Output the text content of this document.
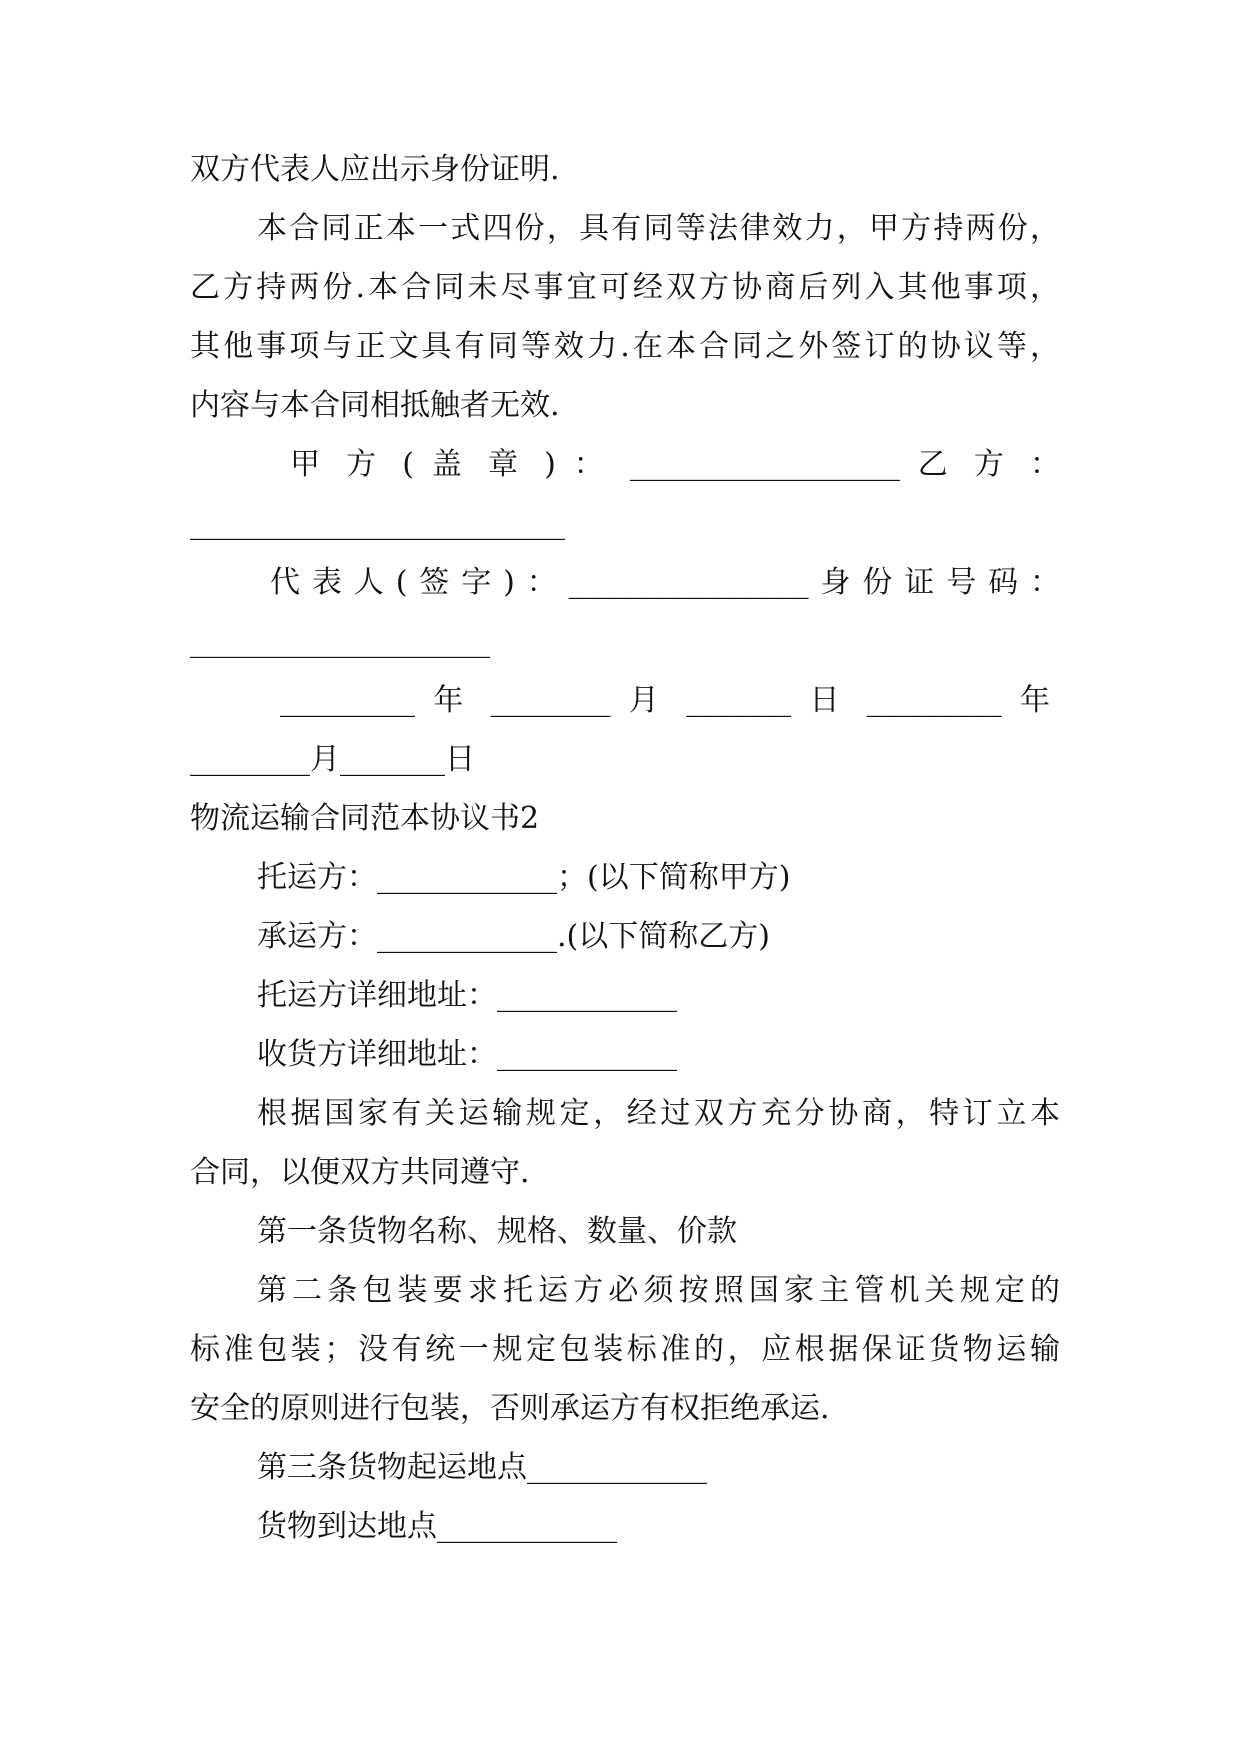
双方代表人应出示身份证明.
本合同正本一式四份，具有同等法律效力，甲方持两份，
乙方持两份.本合同未尽事宜可经双方协商后列入其他事项，
其他事项与正文具有同等效力.在本合同之外签订的协议等，
内容与本合同相抵触者无效.
甲 方 ( 盖 章 ) ： __________________ 乙 方 ：
_________________________
代表人(签字)：________________身份证号码：
____________________
_________ 年 ________ 月 _______ 日 _________ 年
________月_______日
物流运输合同范本协议书2
托运方：____________；(以下简称甲方)
承运方：____________.(以下简称乙方)
托运方详细地址：____________
收货方详细地址：____________
根据国家有关运输规定，经过双方充分协商，特订立本
合同，以便双方共同遵守.
第一条货物名称、规格、数量、价款
第二条包装要求托运方必须按照国家主管机关规定的
标准包装；没有统一规定包装标准的，应根据保证货物运输
安全的原则进行包装，否则承运方有权拒绝承运.
第三条货物起运地点____________
货物到达地点____________
